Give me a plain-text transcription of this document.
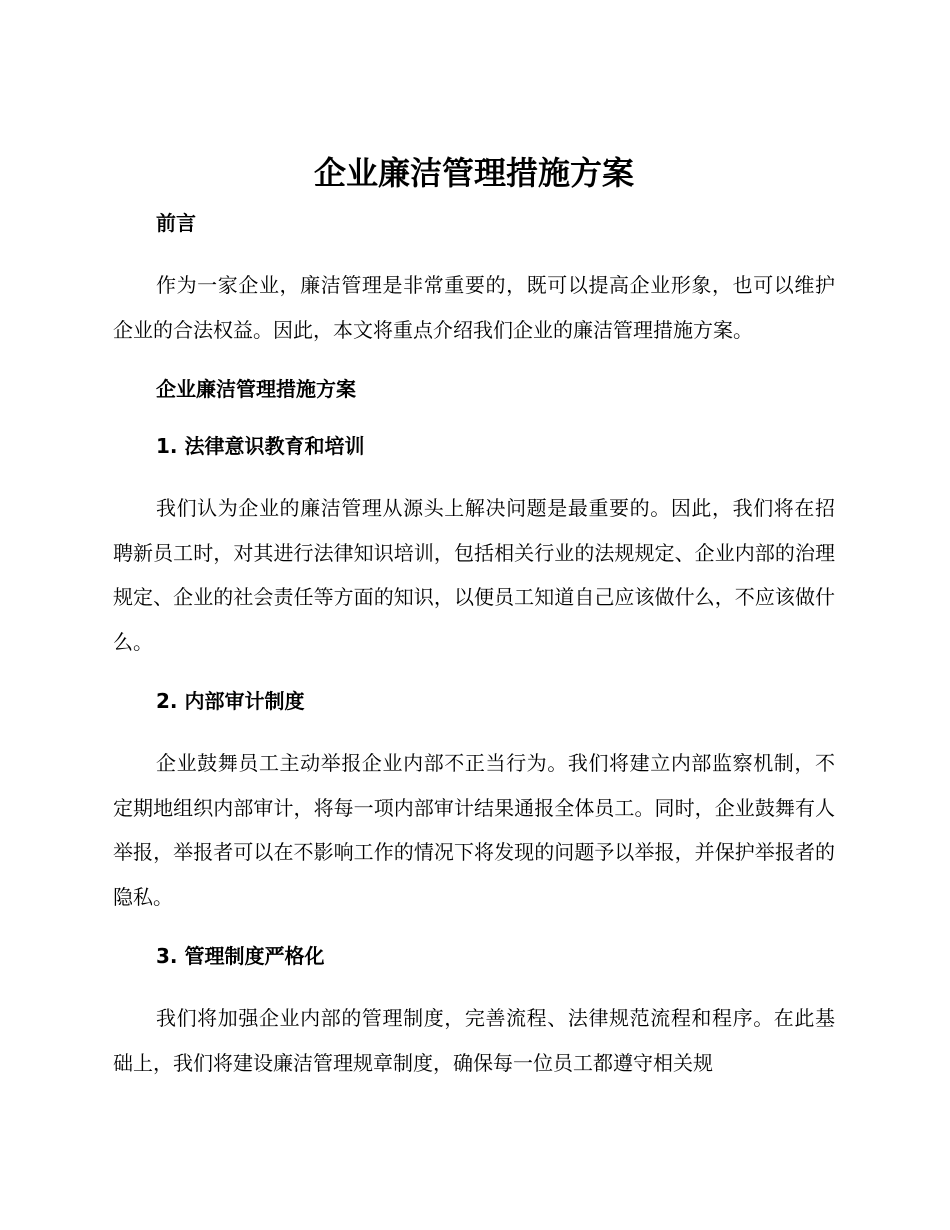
企业廉洁管理措施方案
前言

作为一家企业，廉洁管理是非常重要的，既可以提高企业形象，也可以维护企业的合法权益。因此，本文将重点介绍我们企业的廉洁管理措施方案。

企业廉洁管理措施方案
1. 法律意识教育和培训

我们认为企业的廉洁管理从源头上解决问题是最重要的。因此，我们将在招聘新员工时，对其进行法律知识培训，包括相关行业的法规规定、企业内部的治理规定、企业的社会责任等方面的知识，以便员工知道自己应该做什么，不应该做什么。

2. 内部审计制度

企业鼓舞员工主动举报企业内部不正当行为。我们将建立内部监察机制，不定期地组织内部审计，将每一项内部审计结果通报全体员工。同时，企业鼓舞有人举报，举报者可以在不影响工作的情况下将发现的问题予以举报，并保护举报者的隐私。

3. 管理制度严格化

我们将加强企业内部的管理制度，完善流程、法律规范流程和程序。在此基础上，我们将建设廉洁管理规章制度，确保每一位员工都遵守相关规
